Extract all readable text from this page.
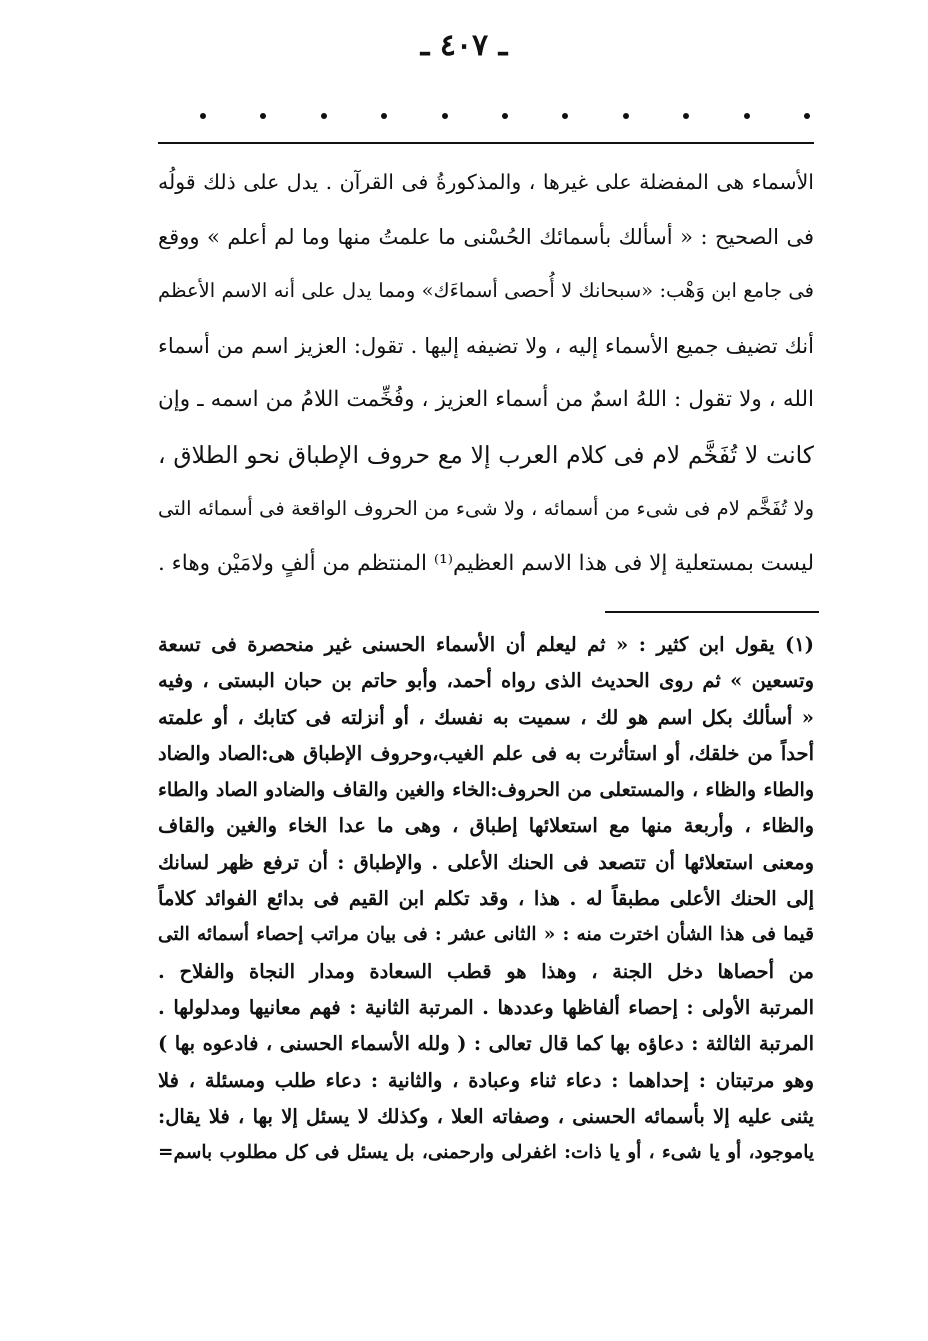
ـ ٤٠٧ ـ
الأسماء هى المفضلة على غيرها ، والمذكورةُ فى القرآن . يدل على ذلك قولُه
فى الصحيح : « أسألك بأسمائك الحُسْنى ما علمتُ منها وما لم أعلم » ووقع
فى جامع ابن وَهْب: «سبحانك لا أُحصى أسماءَك» ومما يدل على أنه الاسم الأعظم
أنك تضيف جميع الأسماء إليه ، ولا تضيفه إليها . تقول: العزيز اسم من أسماء
الله ، ولا تقول : اللهُ اسمٌ من أسماء العزيز ، وفُخِّمت اللامُ من اسمه ـ وإن
كانت لا تُفَخَّم لام فى كلام العرب إلا مع حروف الإطباق نحو الطلاق ،
ولا تُفَخَّم لام فى شىء من أسمائه ، ولا شىء من الحروف الواقعة فى أسمائه التى
ليست بمستعلية إلا فى هذا الاسم العظيم⁽¹⁾ المنتظم من ألفٍ ولامَيْن وهاء .
(١) يقول ابن كثير : « ثم ليعلم أن الأسماء الحسنى غير منحصرة فى تسعة
وتسعين » ثم روى الحديث الذى رواه أحمد، وأبو حاتم بن حبان البستى ، وفيه
« أسألك بكل اسم هو لك ، سميت به نفسك ، أو أنزلته فى كتابك ، أو علمته
أحداً من خلقك، أو استأثرت به فى علم الغيب،وحروف الإطباق هى:الصاد والضاد
والطاء والظاء ، والمستعلى من الحروف:الخاء والغين والقاف والضادو الصاد والطاء
والظاء ، وأربعة منها مع استعلائها إطباق ، وهى ما عدا الخاء والغين والقاف
ومعنى استعلائها أن تتصعد فى الحنك الأعلى . والإطباق : أن ترفع ظهر لسانك
إلى الحنك الأعلى مطبقاً له . هذا ، وقد تكلم ابن القيم فى بدائع الفوائد كلاماً
قيما فى هذا الشأن اخترت منه : « الثانى عشر : فى بيان مراتب إحصاء أسمائه التى
من أحصاها دخل الجنة ، وهذا هو قطب السعادة ومدار النجاة والفلاح .
المرتبة الأولى : إحصاء ألفاظها وعددها . المرتبة الثانية : فهم معانيها ومدلولها .
المرتبة الثالثة : دعاؤه بها كما قال تعالى : ( ولله الأسماء الحسنى ، فادعوه بها )
وهو مرتبتان : إحداهما : دعاء ثناء وعبادة ، والثانية : دعاء طلب ومسئلة ، فلا
يثنى عليه إلا بأسمائه الحسنى ، وصفاته العلا ، وكذلك لا يسئل إلا بها ، فلا يقال:
ياموجود، أو يا شىء ، أو يا ذات: اغفرلى وارحمنى، بل يسئل فى كل مطلوب باسم=
